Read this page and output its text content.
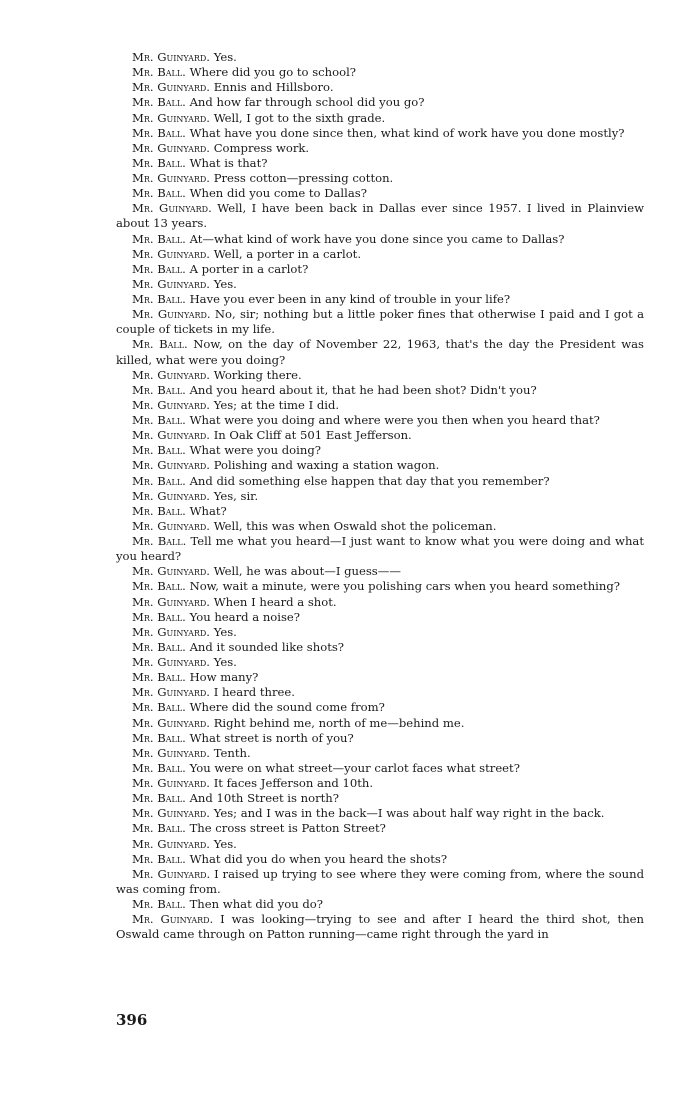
Mr. Guinyard. Yes.

Mr. Ball. Where did you go to school?

Mr. Guinyard. Ennis and Hillsboro.

Mr. Ball. And how far through school did you go?

Mr. Guinyard. Well, I got to the sixth grade.

Mr. Ball. What have you done since then, what kind of work have you done mostly?

Mr. Guinyard. Compress work.

Mr. Ball. What is that?

Mr. Guinyard. Press cotton—pressing cotton.

Mr. Ball. When did you come to Dallas?

Mr. Guinyard. Well, I have been back in Dallas ever since 1957. I lived in Plainview about 13 years.

Mr. Ball. At—what kind of work have you done since you came to Dallas?

Mr. Guinyard. Well, a porter in a carlot.

Mr. Ball. A porter in a carlot?

Mr. Guinyard. Yes.

Mr. Ball. Have you ever been in any kind of trouble in your life?

Mr. Guinyard. No, sir; nothing but a little poker fines that otherwise I paid and I got a couple of tickets in my life.

Mr. Ball. Now, on the day of November 22, 1963, that's the day the President was killed, what were you doing?

Mr. Guinyard. Working there.

Mr. Ball. And you heard about it, that he had been shot? Didn't you?

Mr. Guinyard. Yes; at the time I did.

Mr. Ball. What were you doing and where were you then when you heard that?

Mr. Guinyard. In Oak Cliff at 501 East Jefferson.

Mr. Ball. What were you doing?

Mr. Guinyard. Polishing and waxing a station wagon.

Mr. Ball. And did something else happen that day that you remember?

Mr. Guinyard. Yes, sir.

Mr. Ball. What?

Mr. Guinyard. Well, this was when Oswald shot the policeman.

Mr. Ball. Tell me what you heard—I just want to know what you were doing and what you heard?

Mr. Guinyard. Well, he was about—I guess——

Mr. Ball. Now, wait a minute, were you polishing cars when you heard something?

Mr. Guinyard. When I heard a shot.

Mr. Ball. You heard a noise?

Mr. Guinyard. Yes.

Mr. Ball. And it sounded like shots?

Mr. Guinyard. Yes.

Mr. Ball. How many?

Mr. Guinyard. I heard three.

Mr. Ball. Where did the sound come from?

Mr. Guinyard. Right behind me, north of me—behind me.

Mr. Ball. What street is north of you?

Mr. Guinyard. Tenth.

Mr. Ball. You were on what street—your carlot faces what street?

Mr. Guinyard. It faces Jefferson and 10th.

Mr. Ball. And 10th Street is north?

Mr. Guinyard. Yes; and I was in the back—I was about half way right in the back.

Mr. Ball. The cross street is Patton Street?

Mr. Guinyard. Yes.

Mr. Ball. What did you do when you heard the shots?

Mr. Guinyard. I raised up trying to see where they were coming from, where the sound was coming from.

Mr. Ball. Then what did you do?

Mr. Guinyard. I was looking—trying to see and after I heard the third shot, then Oswald came through on Patton running—came right through the yard in

396
